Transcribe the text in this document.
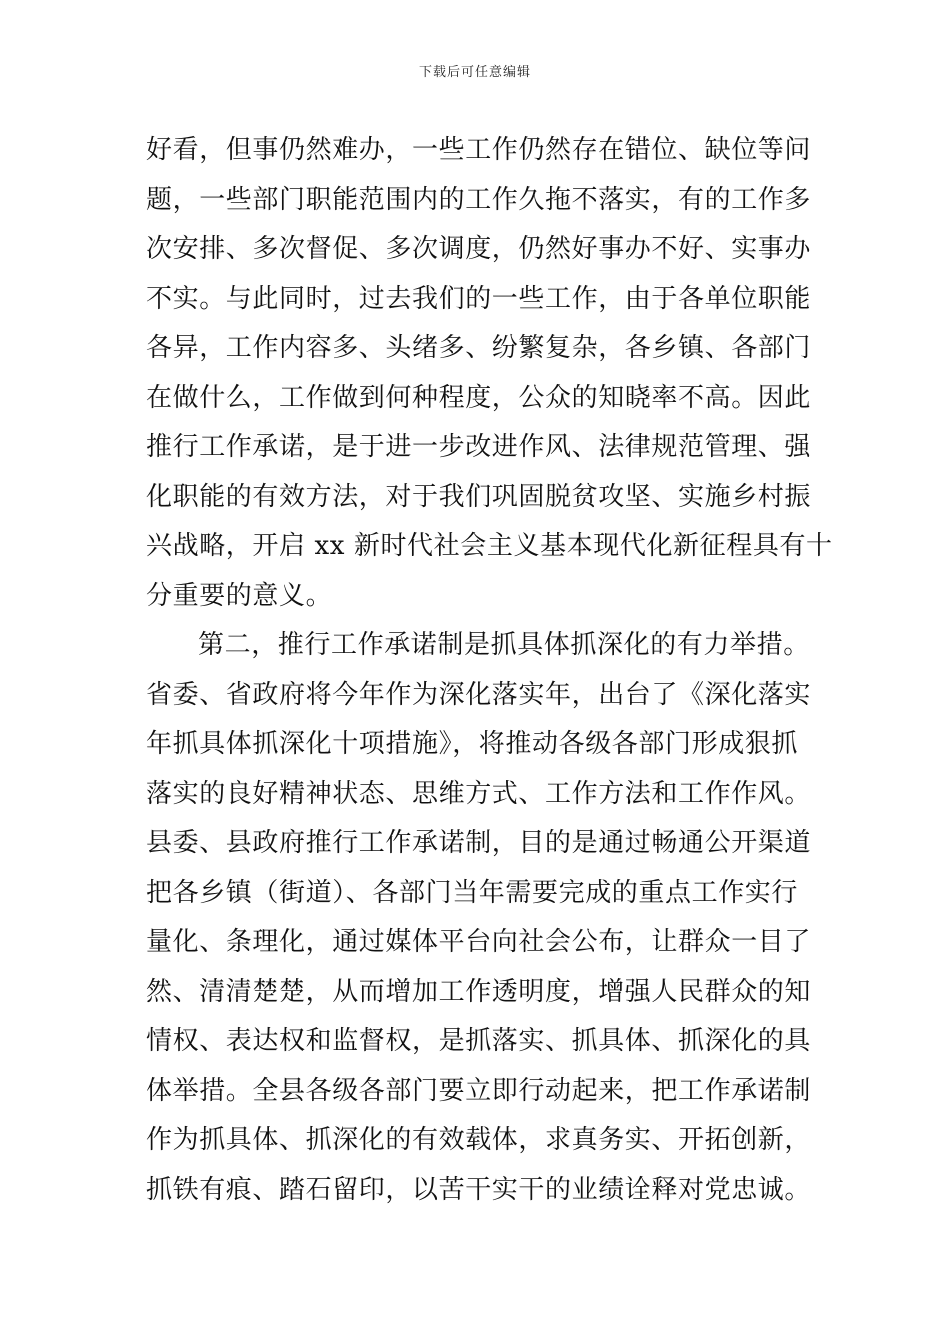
下载后可任意编辑
好看，但事仍然难办，一些工作仍然存在错位、缺位等问
题，一些部门职能范围内的工作久拖不落实，有的工作多
次安排、多次督促、多次调度，仍然好事办不好、实事办
不实。与此同时，过去我们的一些工作，由于各单位职能
各异，工作内容多、头绪多、纷繁复杂，各乡镇、各部门
在做什么，工作做到何种程度，公众的知晓率不高。因此
推行工作承诺，是于进一步改进作风、法律规范管理、强
化职能的有效方法，对于我们巩固脱贫攻坚、实施乡村振
兴战略，开启 xx 新时代社会主义基本现代化新征程具有十
分重要的意义。
第二，推行工作承诺制是抓具体抓深化的有力举措。
省委、省政府将今年作为深化落实年，出台了《深化落实
年抓具体抓深化十项措施》，将推动各级各部门形成狠抓
落实的良好精神状态、思维方式、工作方法和工作作风。
县委、县政府推行工作承诺制，目的是通过畅通公开渠道
把各乡镇（街道）、各部门当年需要完成的重点工作实行
量化、条理化，通过媒体平台向社会公布，让群众一目了
然、清清楚楚，从而增加工作透明度，增强人民群众的知
情权、表达权和监督权，是抓落实、抓具体、抓深化的具
体举措。全县各级各部门要立即行动起来，把工作承诺制
作为抓具体、抓深化的有效载体，求真务实、开拓创新，
抓铁有痕、踏石留印，以苦干实干的业绩诠释对党忠诚。
